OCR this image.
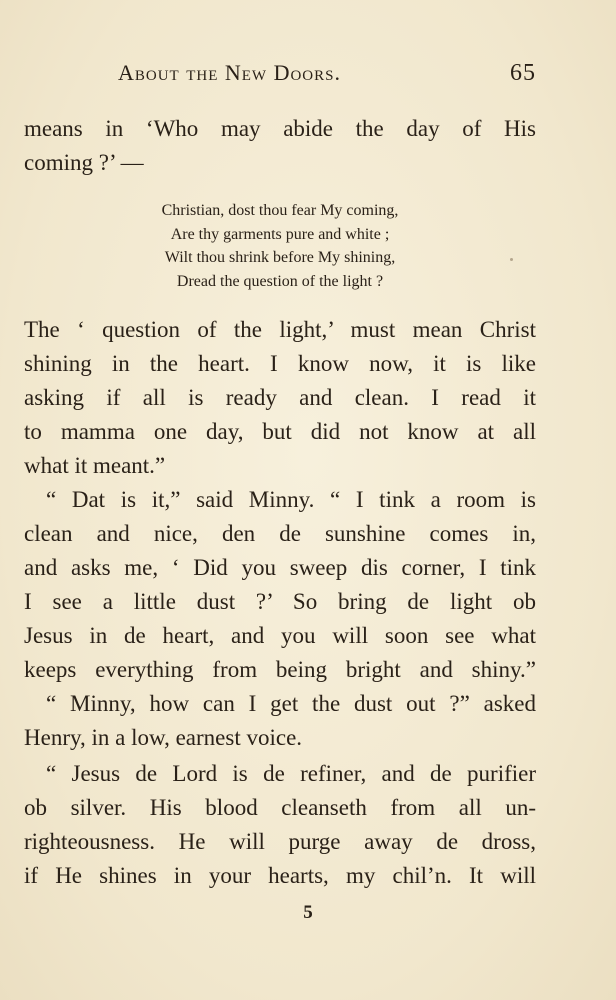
About the New Doors.	65

means in ‘Who may abide the day of His

coming ?’ —

Christian, dost thou fear My coming,
Are thy garments pure and white ;
Wilt thou shrink before My shining,
Dread the question of the light ?

The ‘ question of the light,’ must mean Christ

shining in the heart. I know now, it is like

asking if all is ready and clean. I read it

to mamma one day, but did not know at all

what it meant.”

“ Dat is it,” said Minny. “ I tink a room is

clean and nice, den de sunshine comes in,

and asks me, ‘ Did you sweep dis corner, I tink

I see a little dust ?’ So bring de light ob

Jesus in de heart, and you will soon see what

keeps everything from being bright and shiny.”

“ Minny, how can I get the dust out ?” asked

Henry, in a low, earnest voice.

“ Jesus de Lord is de refiner, and de purifier

ob silver. His blood cleanseth from all un-

righteousness. He will purge away de dross,

if He shines in your hearts, my chil’n. It will

5
